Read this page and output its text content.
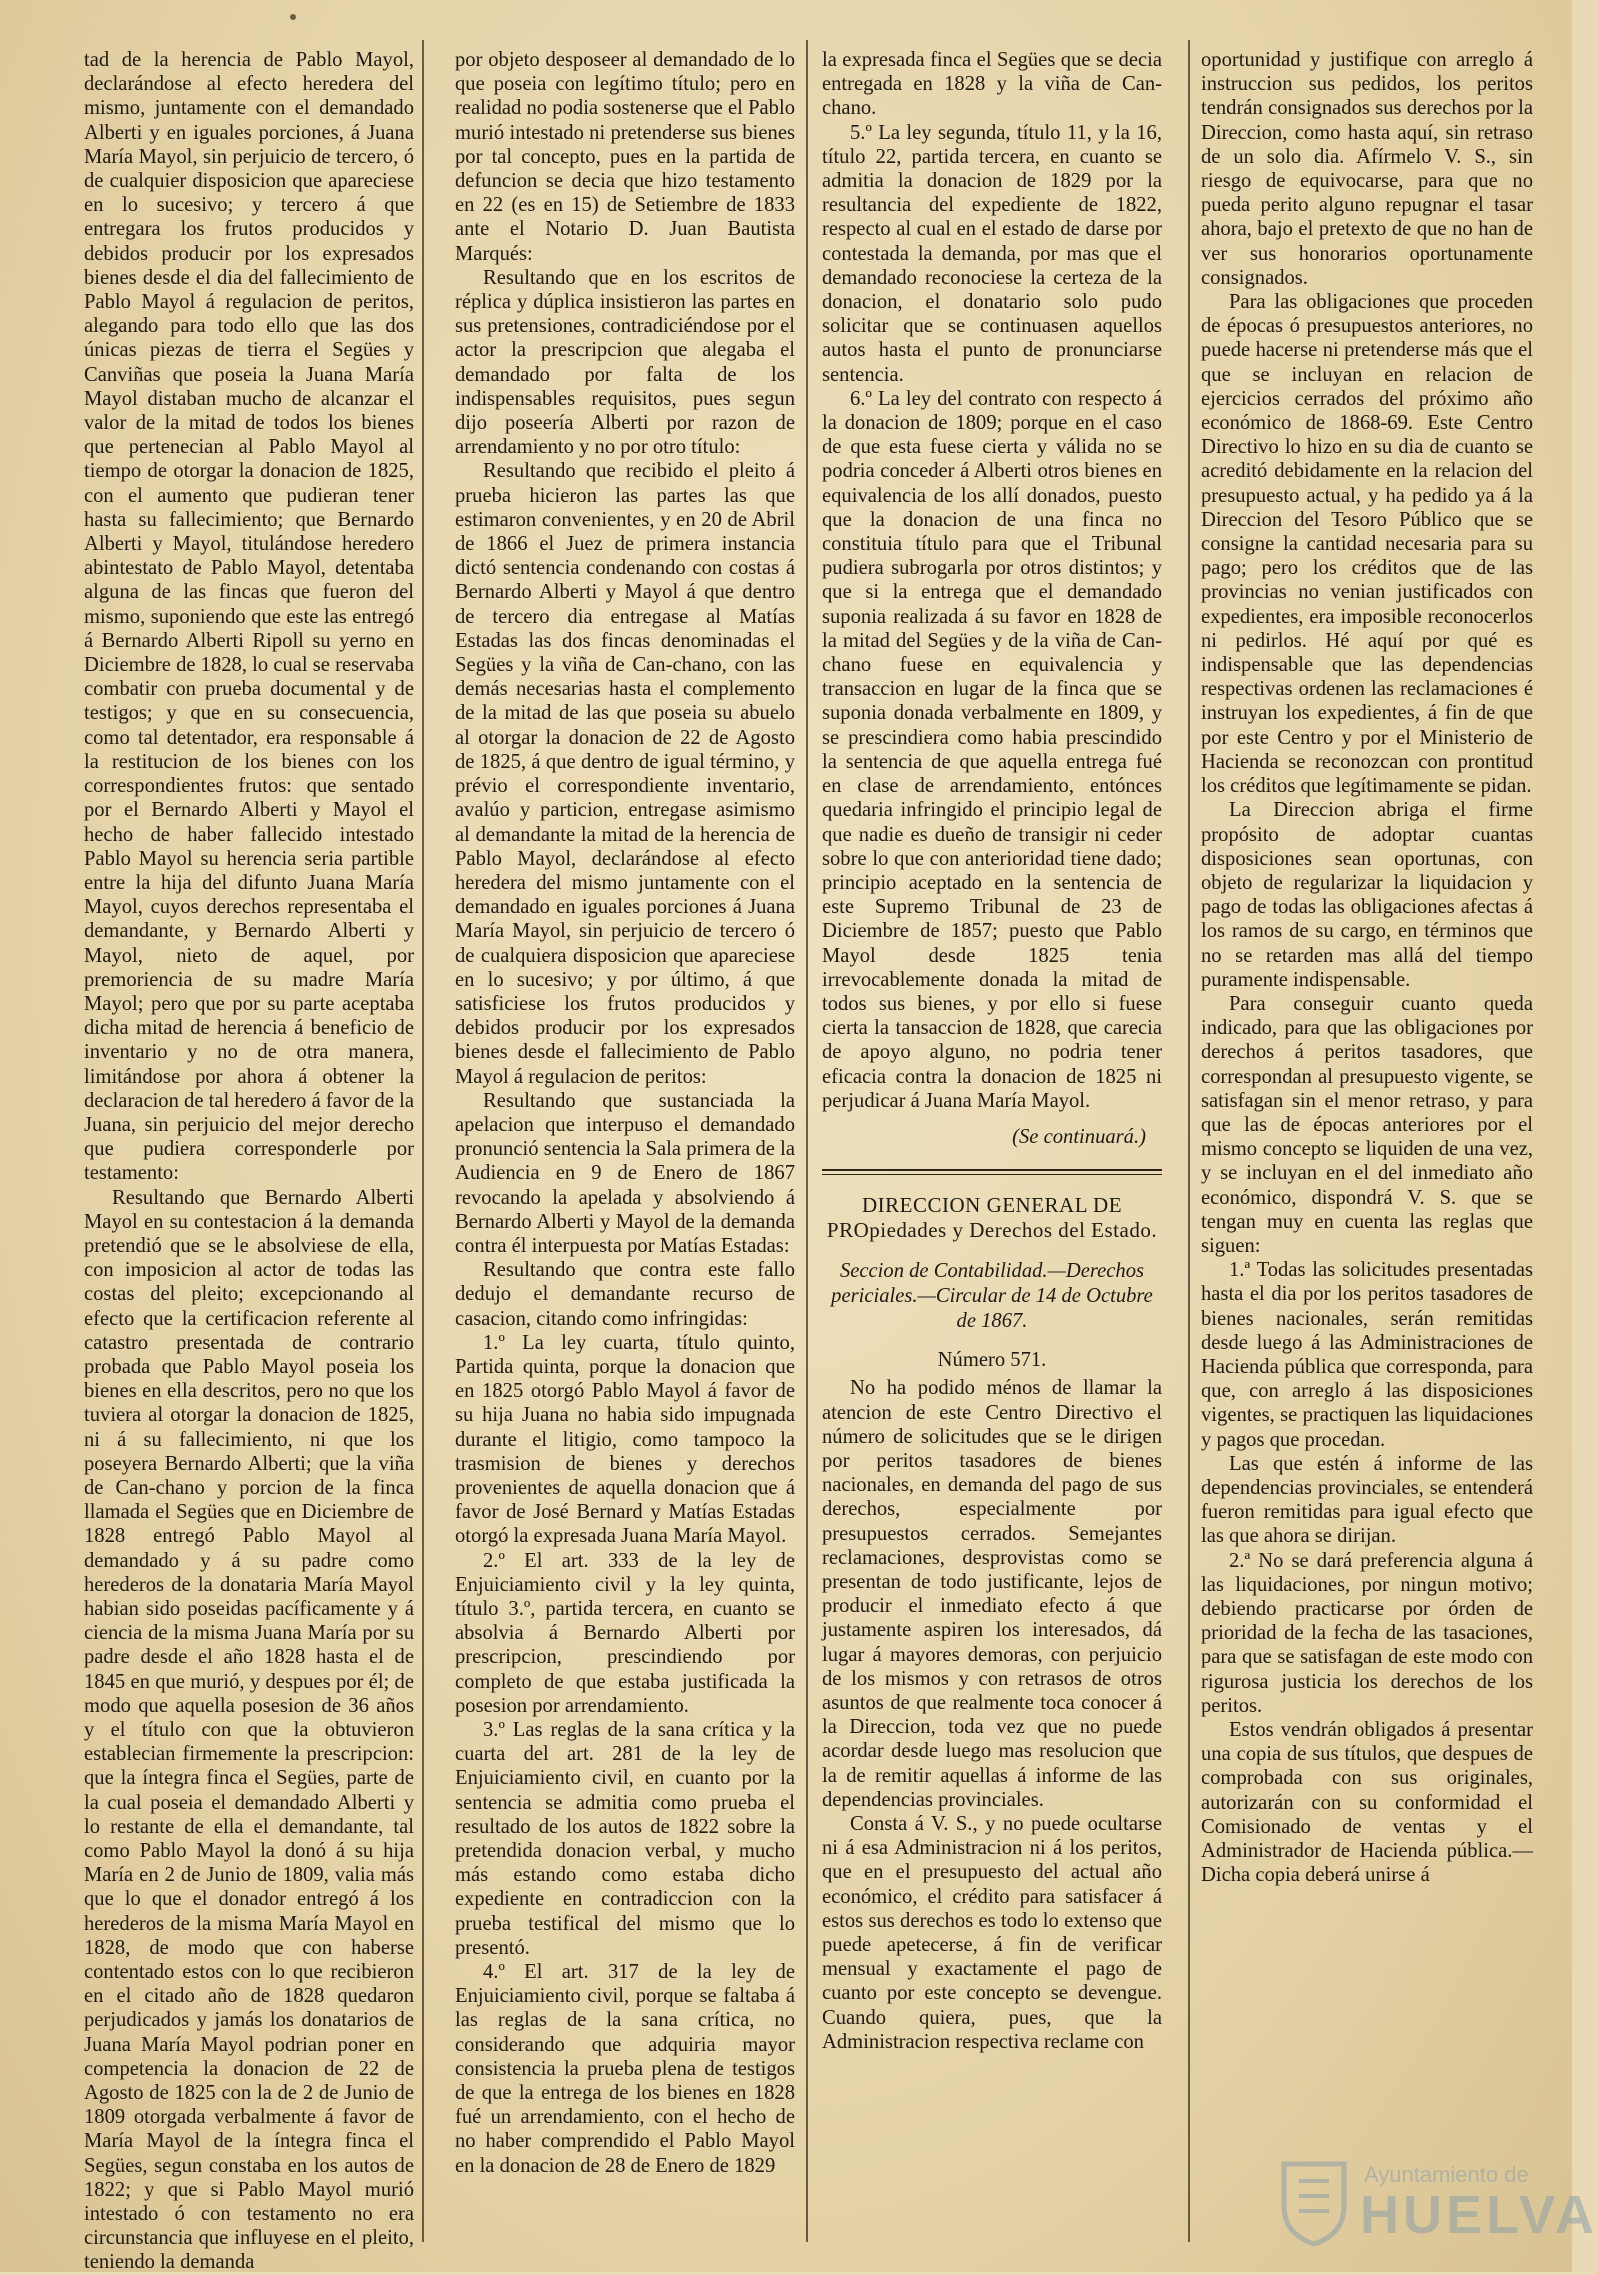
tad de la herencia de Pablo Mayol, declarándose al efecto heredera del mismo, juntamente con el demandado Alberti y en iguales porciones, á Juana María Mayol, sin perjuicio de tercero, ó de cualquier disposicion que apareciese en lo sucesivo; y tercero á que entregara los frutos producidos y debidos producir por los expresados bienes desde el dia del fallecimiento de Pablo Mayol á regulacion de peritos, alegando para todo ello que las dos únicas piezas de tierra el Segües y Canviñas que poseia la Juana María Mayol distaban mucho de alcanzar el valor de la mitad de todos los bienes que pertenecian al Pablo Mayol al tiempo de otorgar la donacion de 1825, con el aumento que pudieran tener hasta su fallecimiento; que Bernardo Alberti y Mayol, titulándose heredero abintestato de Pablo Mayol, detentaba alguna de las fincas que fueron del mismo, suponiendo que este las entregó á Bernardo Alberti Ripoll su yerno en Diciembre de 1828, lo cual se reservaba combatir con prueba documental y de testigos; y que en su consecuencia, como tal detentador, era responsable á la restitucion de los bienes con los correspondientes frutos: que sentado por el Bernardo Alberti y Mayol el hecho de haber fallecido intestado Pablo Mayol su herencia seria partible entre la hija del difunto Juana María Mayol, cuyos derechos representaba el demandante, y Bernardo Alberti y Mayol, nieto de aquel, por premoriencia de su madre María Mayol; pero que por su parte aceptaba dicha mitad de herencia á beneficio de inventario y no de otra manera, limitándose por ahora á obtener la declaracion de tal heredero á favor de la Juana, sin perjuicio del mejor derecho que pudiera corresponderle por testamento:

Resultando que Bernardo Alberti Mayol en su contestacion á la demanda pretendió que se le absolviese de ella, con imposicion al actor de todas las costas del pleito; excepcionando al efecto que la certificacion referente al catastro presentada de contrario probada que Pablo Mayol poseia los bienes en ella descritos, pero no que los tuviera al otorgar la donacion de 1825, ni á su fallecimiento, ni que los poseyera Bernardo Alberti; que la viña de Can-chano y porcion de la finca llamada el Segües que en Diciembre de 1828 entregó Pablo Mayol al demandado y á su padre como herederos de la donataria María Mayol habian sido poseidas pacíficamente y á ciencia de la misma Juana María por su padre desde el año 1828 hasta el de 1845 en que murió, y despues por él; de modo que aquella posesion de 36 años y el título con que la obtuvieron establecian firmemente la prescripcion: que la íntegra finca el Segües, parte de la cual poseia el demandado Alberti y lo restante de ella el demandante, tal como Pablo Mayol la donó á su hija María en 2 de Junio de 1809, valia más que lo que el donador entregó á los herederos de la misma María Mayol en 1828, de modo que con haberse contentado estos con lo que recibieron en el citado año de 1828 quedaron perjudicados y jamás los donatarios de Juana María Mayol podrian poner en competencia la donacion de 22 de Agosto de 1825 con la de 2 de Junio de 1809 otorgada verbalmente á favor de María Mayol de la íntegra finca el Segües, segun constaba en los autos de 1822; y que si Pablo Mayol murió intestado ó con testamento no era circunstancia que influyese en el pleito, teniendo la demanda

por objeto desposeer al demandado de lo que poseia con legítimo título; pero en realidad no podia sostenerse que el Pablo murió intestado ni pretenderse sus bienes por tal concepto, pues en la partida de defuncion se decia que hizo testamento en 22 (es en 15) de Setiembre de 1833 ante el Notario D. Juan Bautista Marqués:

Resultando que en los escritos de réplica y dúplica insistieron las partes en sus pretensiones, contradiciéndose por el actor la prescripcion que alegaba el demandado por falta de los indispensables requisitos, pues segun dijo poseería Alberti por razon de arrendamiento y no por otro título:

Resultando que recibido el pleito á prueba hicieron las partes las que estimaron convenientes, y en 20 de Abril de 1866 el Juez de primera instancia dictó sentencia condenando con costas á Bernardo Alberti y Mayol á que dentro de tercero dia entregase al Matías Estadas las dos fincas denominadas el Segües y la viña de Can-chano, con las demás necesarias hasta el complemento de la mitad de las que poseia su abuelo al otorgar la donacion de 22 de Agosto de 1825, á que dentro de igual término, y prévio el correspondiente inventario, avalúo y particion, entregase asimismo al demandante la mitad de la herencia de Pablo Mayol, declarándose al efecto heredera del mismo juntamente con el demandado en iguales porciones á Juana María Mayol, sin perjuicio de tercero ó de cualquiera disposicion que apareciese en lo sucesivo; y por último, á que satisficiese los frutos producidos y debidos producir por los expresados bienes desde el fallecimiento de Pablo Mayol á regulacion de peritos:

Resultando que sustanciada la apelacion que interpuso el demandado pronunció sentencia la Sala primera de la Audiencia en 9 de Enero de 1867 revocando la apelada y absolviendo á Bernardo Alberti y Mayol de la demanda contra él interpuesta por Matías Estadas:

Resultando que contra este fallo dedujo el demandante recurso de casacion, citando como infringidas:

1.º La ley cuarta, título quinto, Partida quinta, porque la donacion que en 1825 otorgó Pablo Mayol á favor de su hija Juana no habia sido impugnada durante el litigio, como tampoco la trasmision de bienes y derechos provenientes de aquella donacion que á favor de José Bernard y Matías Estadas otorgó la expresada Juana María Mayol.

2.º El art. 333 de la ley de Enjuiciamiento civil y la ley quinta, título 3.º, partida tercera, en cuanto se absolvia á Bernardo Alberti por prescripcion, prescindiendo por completo de que estaba justificada la posesion por arrendamiento.

3.º Las reglas de la sana crítica y la cuarta del art. 281 de la ley de Enjuiciamiento civil, en cuanto por la sentencia se admitia como prueba el resultado de los autos de 1822 sobre la pretendida donacion verbal, y mucho más estando como estaba dicho expediente en contradiccion con la prueba testifical del mismo que lo presentó.

4.º El art. 317 de la ley de Enjuiciamiento civil, porque se faltaba á las reglas de la sana crítica, no considerando que adquiria mayor consistencia la prueba plena de testigos de que la entrega de los bienes en 1828 fué un arrendamiento, con el hecho de no haber comprendido el Pablo Mayol en la donacion de 28 de Enero de 1829

la expresada finca el Segües que se decia entregada en 1828 y la viña de Can-chano.

5.º La ley segunda, título 11, y la 16, título 22, partida tercera, en cuanto se admitia la donacion de 1829 por la resultancia del expediente de 1822, respecto al cual en el estado de darse por contestada la demanda, por mas que el demandado reconociese la certeza de la donacion, el donatario solo pudo solicitar que se continuasen aquellos autos hasta el punto de pronunciarse sentencia.

6.º La ley del contrato con respecto á la donacion de 1809; porque en el caso de que esta fuese cierta y válida no se podria conceder á Alberti otros bienes en equivalencia de los allí donados, puesto que la donacion de una finca no constituia título para que el Tribunal pudiera subrogarla por otros distintos; y que si la entrega que el demandado suponia realizada á su favor en 1828 de la mitad del Segües y de la viña de Can-chano fuese en equivalencia y transaccion en lugar de la finca que se suponia donada verbalmente en 1809, y se prescindiera como habia prescindido la sentencia de que aquella entrega fué en clase de arrendamiento, entónces quedaria infringido el principio legal de que nadie es dueño de transigir ni ceder sobre lo que con anterioridad tiene dado; principio aceptado en la sentencia de este Supremo Tribunal de 23 de Diciembre de 1857; puesto que Pablo Mayol desde 1825 tenia irrevocablemente donada la mitad de todos sus bienes, y por ello si fuese cierta la tansaccion de 1828, que carecia de apoyo alguno, no podria tener eficacia contra la donacion de 1825 ni perjudicar á Juana María Mayol.

(Se continuará.)

DIRECCION GENERAL DE PROpiedades y Derechos del Estado.

Seccion de Contabilidad.—Derechos periciales.—Circular de 14 de Octubre de 1867.

Número 571.

No ha podido ménos de llamar la atencion de este Centro Directivo el número de solicitudes que se le dirigen por peritos tasadores de bienes nacionales, en demanda del pago de sus derechos, especialmente por presupuestos cerrados. Semejantes reclamaciones, desprovistas como se presentan de todo justificante, lejos de producir el inmediato efecto á que justamente aspiren los interesados, dá lugar á mayores demoras, con perjuicio de los mismos y con retrasos de otros asuntos de que realmente toca conocer á la Direccion, toda vez que no puede acordar desde luego mas resolucion que la de remitir aquellas á informe de las dependencias provinciales.

Consta á V. S., y no puede ocultarse ni á esa Administracion ni á los peritos, que en el presupuesto del actual año económico, el crédito para satisfacer á estos sus derechos es todo lo extenso que puede apetecerse, á fin de verificar mensual y exactamente el pago de cuanto por este concepto se devengue. Cuando quiera, pues, que la Administracion respectiva reclame con

oportunidad y justifique con arreglo á instruccion sus pedidos, los peritos tendrán consignados sus derechos por la Direccion, como hasta aquí, sin retraso de un solo dia. Afírmelo V. S., sin riesgo de equivocarse, para que no pueda perito alguno repugnar el tasar ahora, bajo el pretexto de que no han de ver sus honorarios oportunamente consignados.

Para las obligaciones que proceden de épocas ó presupuestos anteriores, no puede hacerse ni pretenderse más que el que se incluyan en relacion de ejercicios cerrados del próximo año económico de 1868-69. Este Centro Directivo lo hizo en su dia de cuanto se acreditó debidamente en la relacion del presupuesto actual, y ha pedido ya á la Direccion del Tesoro Público que se consigne la cantidad necesaria para su pago; pero los créditos que de las provincias no venian justificados con expedientes, era imposible reconocerlos ni pedirlos. Hé aquí por qué es indispensable que las dependencias respectivas ordenen las reclamaciones é instruyan los expedientes, á fin de que por este Centro y por el Ministerio de Hacienda se reconozcan con prontitud los créditos que legítimamente se pidan.

La Direccion abriga el firme propósito de adoptar cuantas disposiciones sean oportunas, con objeto de regularizar la liquidacion y pago de todas las obligaciones afectas á los ramos de su cargo, en términos que no se retarden mas allá del tiempo puramente indispensable.

Para conseguir cuanto queda indicado, para que las obligaciones por derechos á peritos tasadores, que correspondan al presupuesto vigente, se satisfagan sin el menor retraso, y para que las de épocas anteriores por el mismo concepto se liquiden de una vez, y se incluyan en el del inmediato año económico, dispondrá V. S. que se tengan muy en cuenta las reglas que siguen:

1.ª Todas las solicitudes presentadas hasta el dia por los peritos tasadores de bienes nacionales, serán remitidas desde luego á las Administraciones de Hacienda pública que corresponda, para que, con arreglo á las disposiciones vigentes, se practiquen las liquidaciones y pagos que procedan.

Las que estén á informe de las dependencias provinciales, se entenderá fueron remitidas para igual efecto que las que ahora se dirijan.

2.ª No se dará preferencia alguna á las liquidaciones, por ningun motivo; debiendo practicarse por órden de prioridad de la fecha de las tasaciones, para que se satisfagan de este modo con rigurosa justicia los derechos de los peritos.

Estos vendrán obligados á presentar una copia de sus títulos, que despues de comprobada con sus originales, autorizarán con su conformidad el Comisionado de ventas y el Administrador de Hacienda pública.—Dicha copia deberá unirse á

Ayuntamiento de
HUELVA
